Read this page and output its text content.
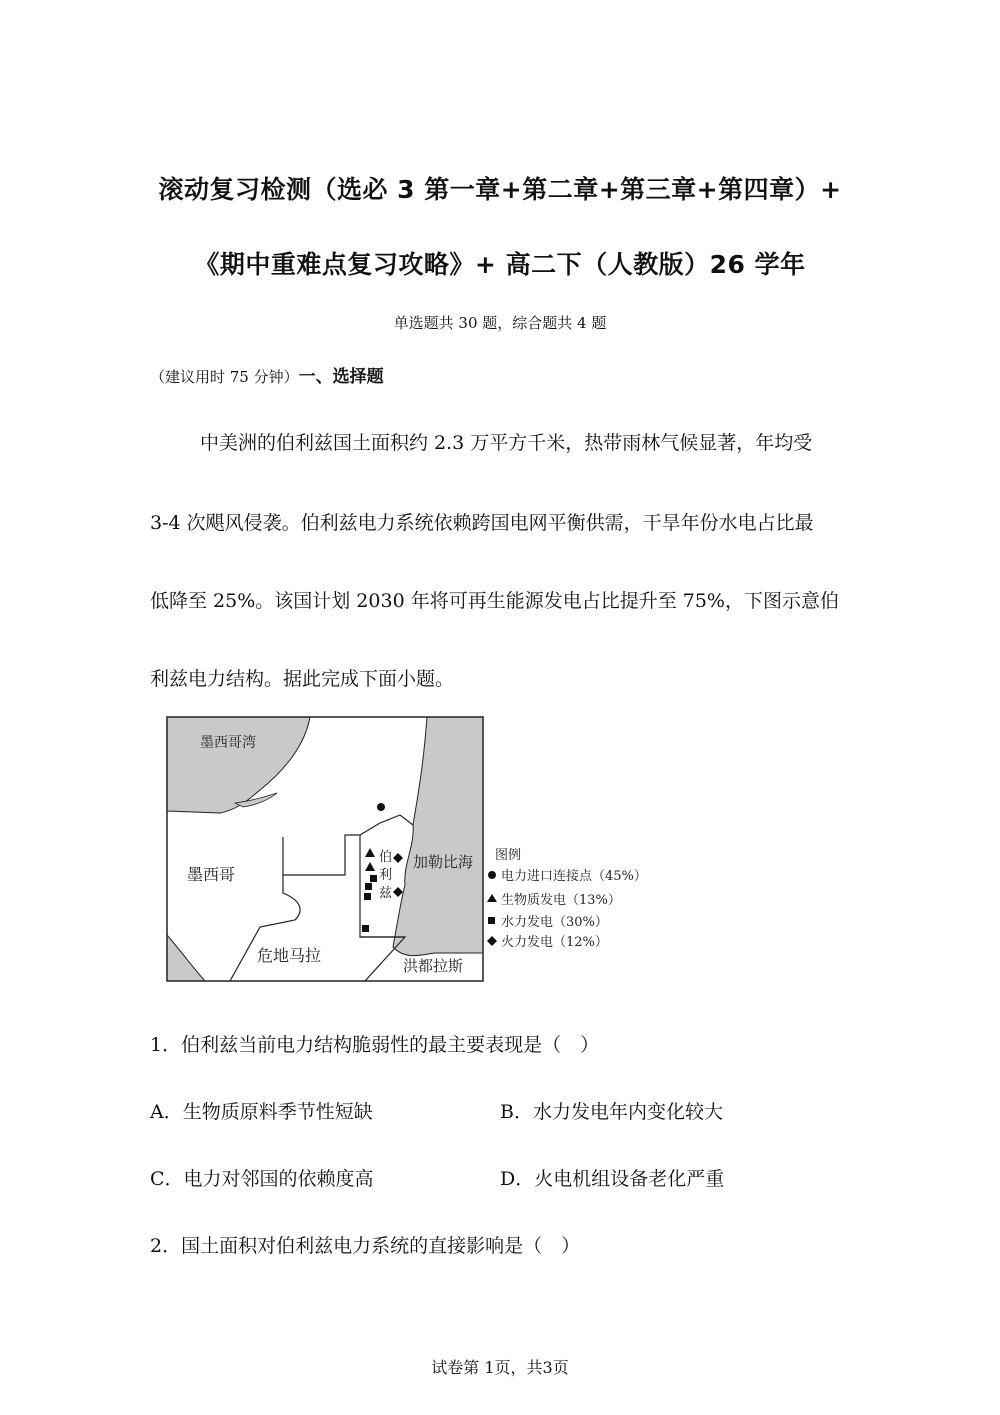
滚动复习检测（选必 3 第一章+第二章+第三章+第四章）+
《期中重难点复习攻略》+ 高二下（人教版）26 学年
单选题共 30 题，综合题共 4 题
（建议用时 75 分钟）一、选择题
中美洲的伯利兹国土面积约 2.3 万平方千米，热带雨林气候显著，年均受
3-4 次飓风侵袭。伯利兹电力系统依赖跨国电网平衡供需，干旱年份水电占比最
低降至 25%。该国计划 2030 年将可再生能源发电占比提升至 75%，下图示意伯
利兹电力结构。据此完成下面小题。
墨西哥湾
墨西哥
危地马拉
洪都拉斯
加勒比海
伯
利
兹
图例
电力进口连接点（45%）
生物质发电（13%）
水力发电（30%）
火力发电（12%）
1．伯利兹当前电力结构脆弱性的最主要表现是（　）
A．生物质原料季节性短缺	B．水力发电年内变化较大
C．电力对邻国的依赖度高	D．火电机组设备老化严重
2．国土面积对伯利兹电力系统的直接影响是（　）
试卷第 1页，共3页
